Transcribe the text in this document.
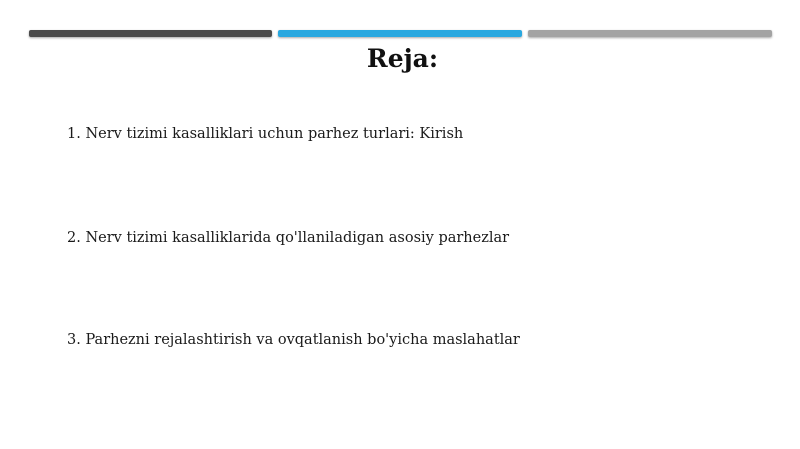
Reja:
1. Nerv tizimi kasalliklari uchun parhez turlari: Kirish
2. Nerv tizimi kasalliklarida qo'llaniladigan asosiy parhezlar
3. Parhezni rejalashtirish va ovqatlanish bo'yicha maslahatlar
